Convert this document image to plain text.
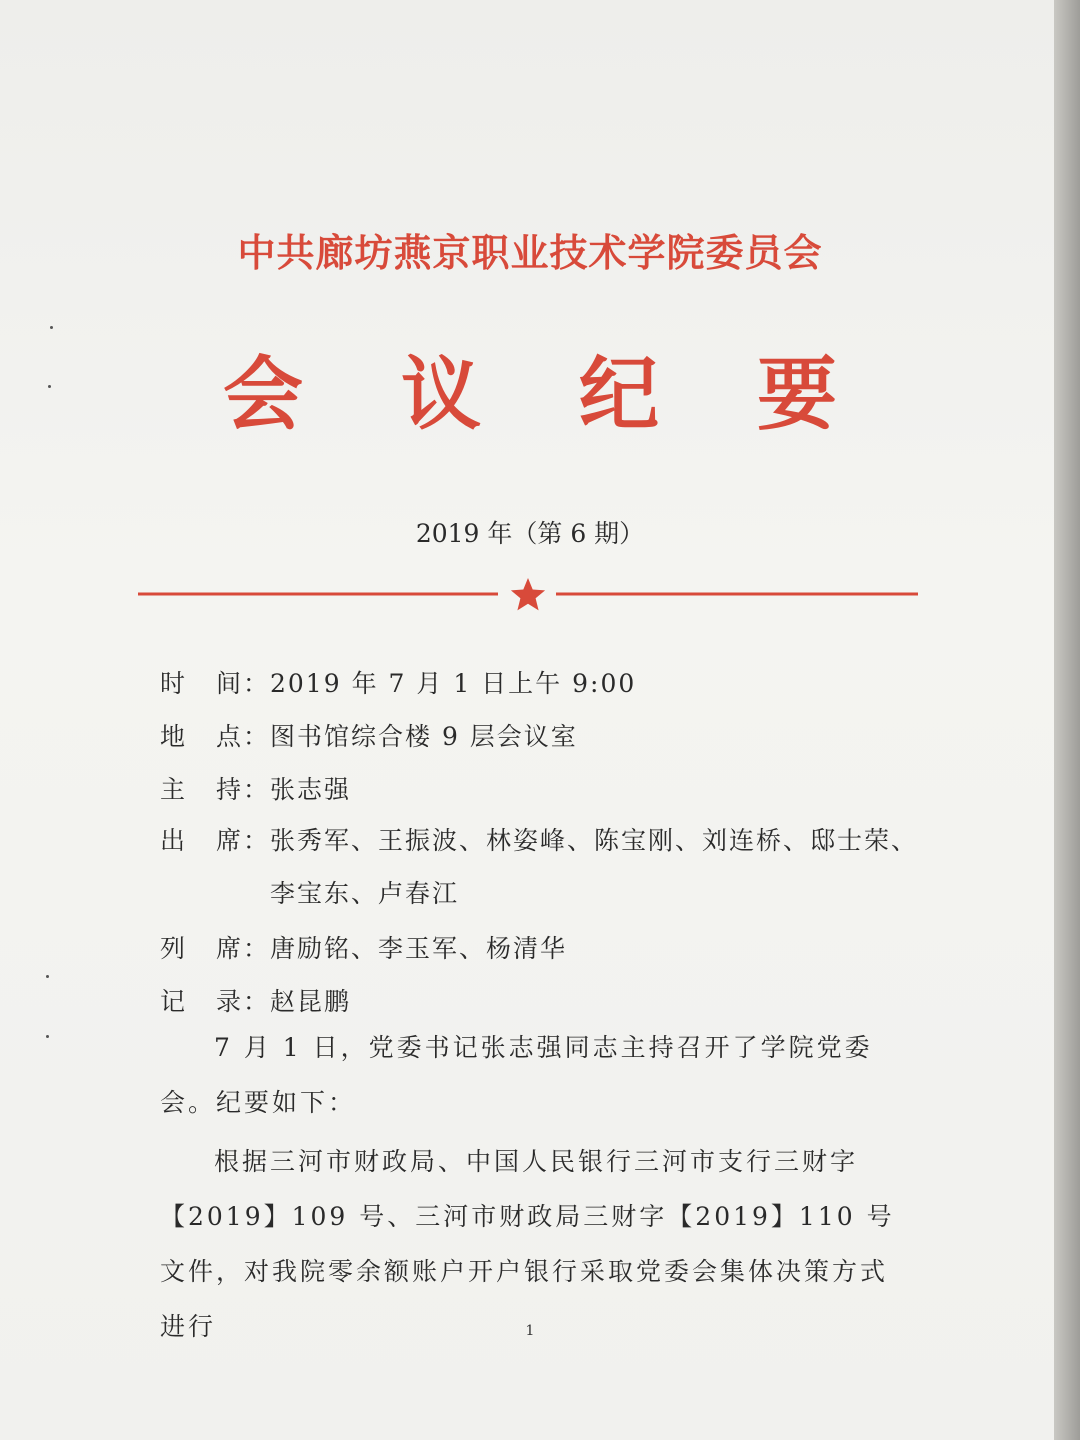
中共廊坊燕京职业技术学院委员会
会议纪要
2019 年（第 6 期）
时 间： 2019 年 7 月 1 日上午 9:00
地 点： 图书馆综合楼 9 层会议室
主 持： 张志强
出 席： 张秀军、王振波、林姿峰、陈宝刚、刘连桥、邸士荣、李宝东、卢春江
列 席： 唐励铭、李玉军、杨清华
记 录： 赵昆鹏

7 月 1 日，党委书记张志强同志主持召开了学院党委会。纪要如下：

根据三河市财政局、中国人民银行三河市支行三财字【2019】109 号、三河市财政局三财字【2019】110 号文件，对我院零余额账户开户银行采取党委会集体决策方式进行	1
